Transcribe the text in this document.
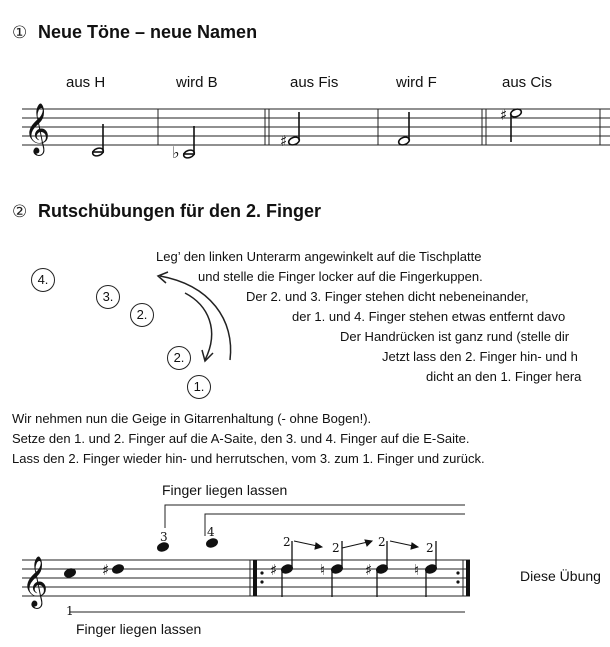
① Neue Töne – neue Namen
aus H	wird B	aus Fis	wird F	aus Cis
𝄞	♭
♯
♯
② Rutschübungen für den 2. Finger
Leg’ den linken Unterarm angewinkelt auf die Tischplatte
und stelle die Finger locker auf die Fingerkuppen.
Der 2. und 3. Finger stehen dicht nebeneinander,
der 1. und 4. Finger stehen etwas entfernt davo
Der Handrücken ist ganz rund (stelle dir
Jetzt lass den 2. Finger hin- und h
dicht an den 1. Finger hera
4.
3.
2.
2.
1.
Wir nehmen nun die Geige in Gitarrenhaltung (- ohne Bogen!).
Setze den 1. und 2. Finger auf die A-Saite, den 3. und 4. Finger auf die E-Saite.
Lass den 2. Finger wieder hin- und herrutschen, vom 3. zum 1. Finger und zurück.
Finger liegen lassen
𝄞	♯	♯	♮	♯	♮
3	4
2	2	2	2
1
Finger liegen lassen
Diese Übung
